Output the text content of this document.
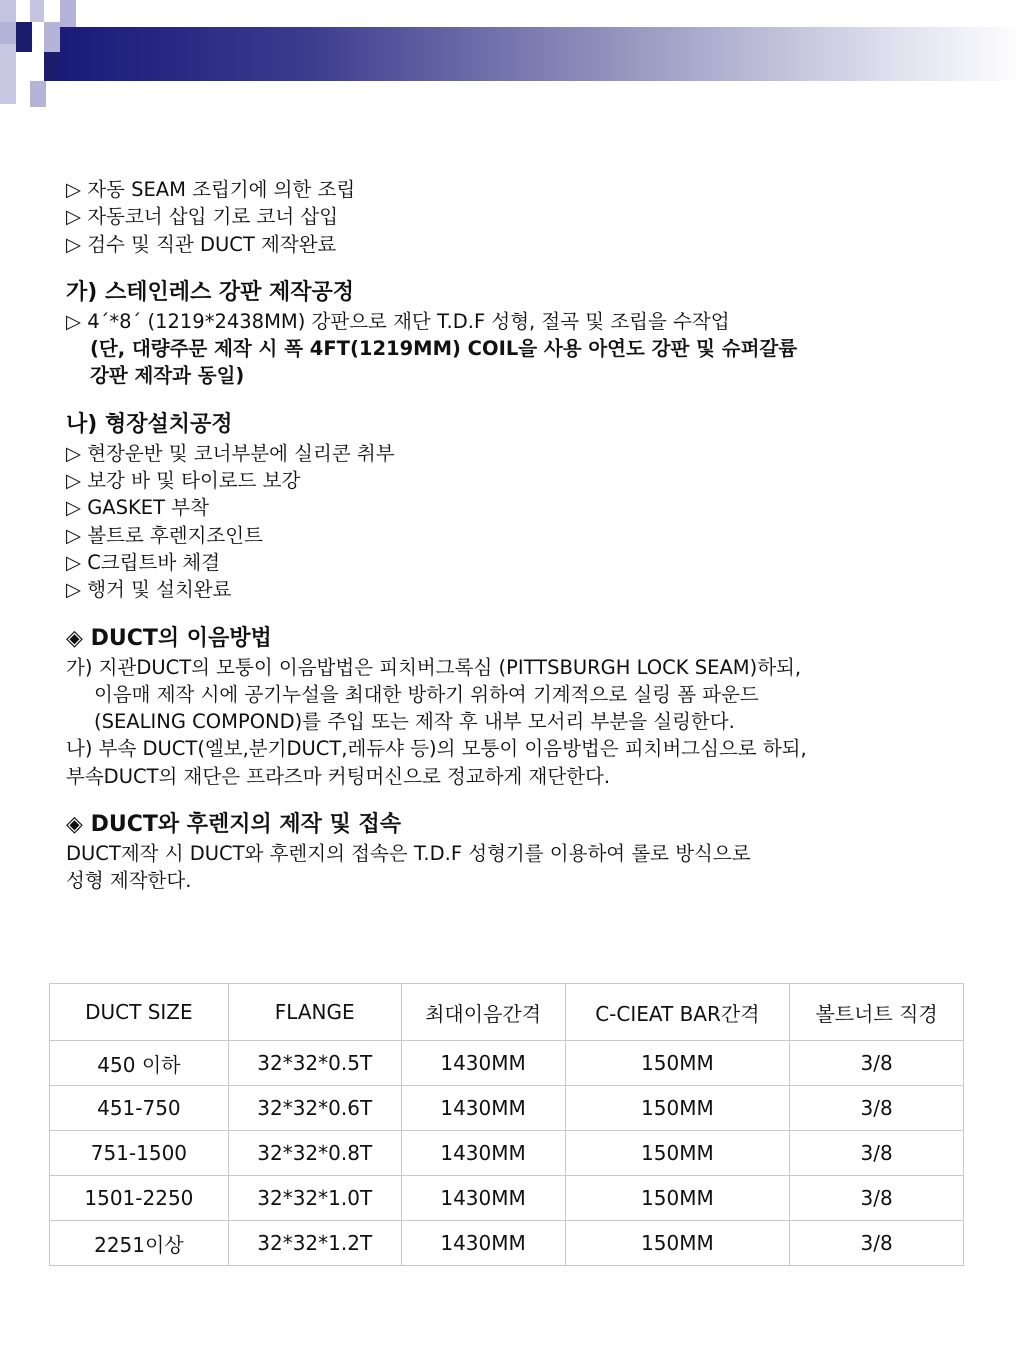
▷ 자동 SEAM 조립기에 의한 조립

▷ 자동코너 삽입 기로 코너 삽입

▷ 검수 및 직관 DUCT 제작완료

가) 스테인레스 강판 제작공정

▷ 4´*8´ (1219*2438MM) 강판으로 재단 T.D.F 성형, 절곡 및 조립을 수작업

(단, 대량주문 제작 시 폭 4FT(1219MM) COIL을 사용 아연도 강판 및 슈퍼갈륨

강판 제작과 동일)

나) 형장설치공정

▷ 현장운반 및 코너부분에 실리콘 취부

▷ 보강 바 및 타이로드 보강

▷ GASKET 부착

▷ 볼트로 후렌지조인트

▷ C크립트바 체결

▷ 행거 및 설치완료

◈ DUCT의 이음방법

가) 지관DUCT의 모퉁이 이음밥법은 피치버그록심 (PITTSBURGH LOCK SEAM)하되,

이음매 제작 시에 공기누설을 최대한 방하기 위하여 기계적으로 실링 폼 파운드

(SEALING COMPOND)를 주입 또는 제작 후 내부 모서리 부분을 실링한다.

나) 부속 DUCT(엘보,분기DUCT,레듀샤 등)의 모퉁이 이음방법은 피치버그심으로 하되,

부속DUCT의 재단은 프라즈마 커팅머신으로 정교하게 재단한다.

◈ DUCT와 후렌지의 제작 및 접속

DUCT제작 시 DUCT와 후렌지의 접속은 T.D.F 성형기를 이용하여 롤로 방식으로

성형 제작한다.

DUCT SIZE	FLANGE	최대이음간격	C-CIEAT BAR간격	볼트너트 직경
450 이하	32*32*0.5T	1430MM	150MM	3/8
451-750	32*32*0.6T	1430MM	150MM	3/8
751-1500	32*32*0.8T	1430MM	150MM	3/8
1501-2250	32*32*1.0T	1430MM	150MM	3/8
2251이상	32*32*1.2T	1430MM	150MM	3/8
